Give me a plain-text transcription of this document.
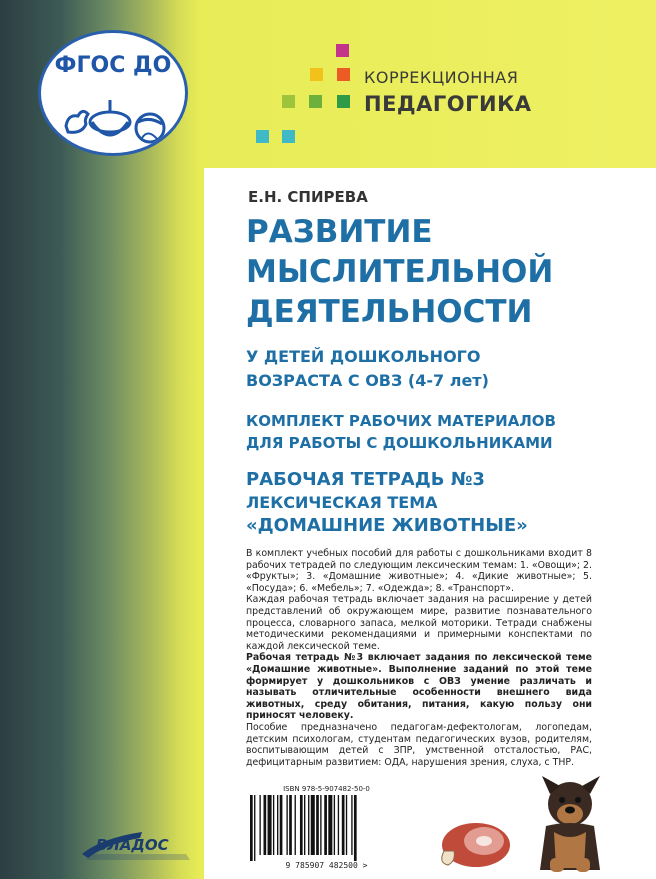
ФГОС ДО	КОРРЕКЦИОННАЯ
ПЕДАГОГИКА
Е.Н. СПИРЕВА
РАЗВИТИЕ
МЫСЛИТЕЛЬНОЙ
ДЕЯТЕЛЬНОСТИ
У ДЕТЕЙ ДОШКОЛЬНОГО
ВОЗРАСТА С ОВЗ (4-7 лет)
КОМПЛЕКТ РАБОЧИХ МАТЕРИАЛОВ
ДЛЯ РАБОТЫ С ДОШКОЛЬНИКАМИ
РАБОЧАЯ ТЕТРАДЬ №3
ЛЕКСИЧЕСКАЯ ТЕМА
«ДОМАШНИЕ ЖИВОТНЫЕ»

В комплект учебных пособий для работы с дошкольниками входит 8 рабочих тетрадей по следующим лексическим темам: 1. «Овощи»; 2. «Фрукты»; 3. «Домашние животные»; 4. «Дикие животные»; 5. «Посуда»; 6. «Мебель»; 7. «Одежда»; 8. «Транспорт».

Каждая рабочая тетрадь включает задания на расширение у детей представлений об окружающем мире, развитие познавательного процесса, словарного запаса, мелкой моторики. Тетради снабжены методическими рекомендациями и примерными конспектами по каждой лексической теме.

Рабочая тетрадь №3 включает задания по лексической теме «Домашние животные». Выполнение заданий по этой теме формирует у дошкольников с ОВЗ умение различать и называть отличительные особенности внешнего вида животных, среду обитания, питания, какую пользу они приносят человеку.

Пособие предназначено педагогам-дефектологам, логопедам, детским психологам, студентам педагогических вузов, родителям, воспитывающим детей с ЗПР, умственной отсталостью, РАС, дефицитарным развитием: ОДА, нарушения зрения, слуха, с ТНР.

ISBN 978-5-907482-50-0
9 785907 482500 >
ВЛАДОС
